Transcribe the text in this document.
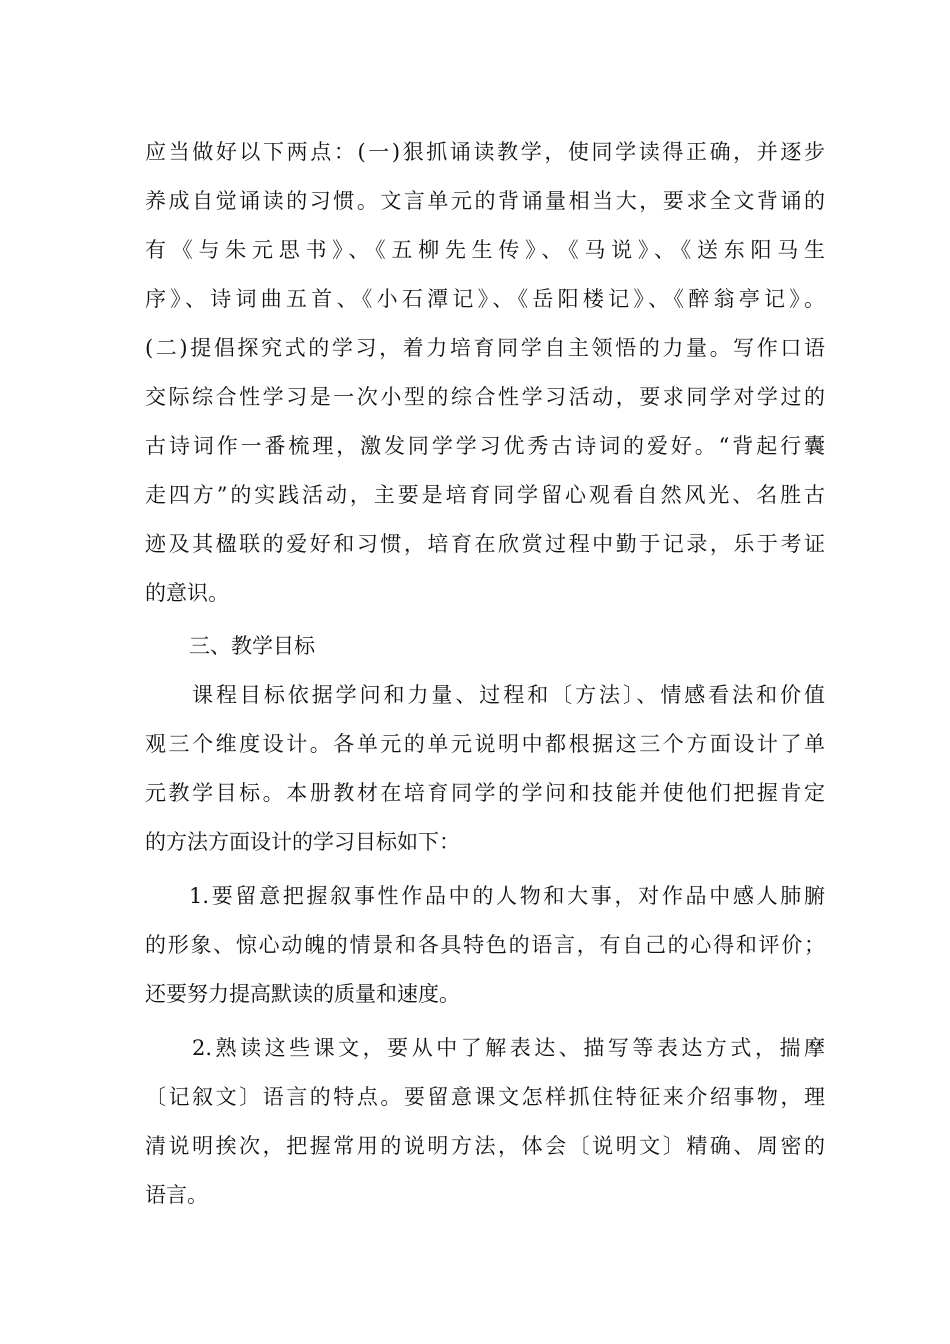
应当做好以下两点：(一)狠抓诵读教学，使同学读得正确，并逐步
养成自觉诵读的习惯。文言单元的背诵量相当大，要求全文背诵的
有《与朱元思书》、《五柳先生传》、《马说》、《送东阳马生
序》、诗词曲五首、《小石潭记》、《岳阳楼记》、《醉翁亭记》。
(二)提倡探究式的学习，着力培育同学自主领悟的力量。写作口语
交际综合性学习是一次小型的综合性学习活动，要求同学对学过的
古诗词作一番梳理，激发同学学习优秀古诗词的爱好。“背起行囊
走四方”的实践活动，主要是培育同学留心观看自然风光、名胜古
迹及其楹联的爱好和习惯，培育在欣赏过程中勤于记录，乐于考证
的意识。
三、教学目标
课程目标依据学问和力量、过程和〔方法〕、情感看法和价值
观三个维度设计。各单元的单元说明中都根据这三个方面设计了单
元教学目标。本册教材在培育同学的学问和技能并使他们把握肯定
的方法方面设计的学习目标如下：
1.要留意把握叙事性作品中的人物和大事，对作品中感人肺腑
的形象、惊心动魄的情景和各具特色的语言，有自己的心得和评价；
还要努力提高默读的质量和速度。
2.熟读这些课文，要从中了解表达、描写等表达方式，揣摩
〔记叙文〕语言的特点。要留意课文怎样抓住特征来介绍事物，理
清说明挨次，把握常用的说明方法，体会〔说明文〕精确、周密的
语言。
